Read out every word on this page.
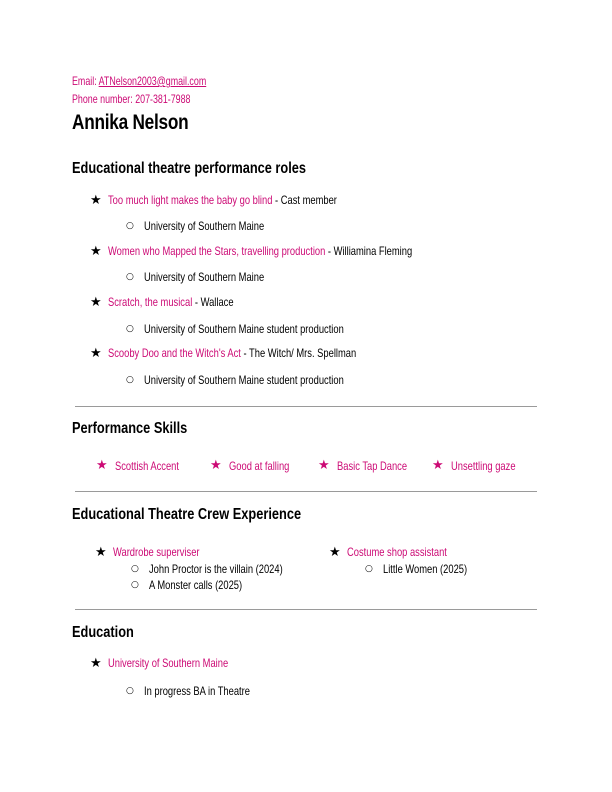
Email: ATNelson2003@gmail.com
Phone number: 207-381-7988
Annika Nelson
Educational theatre performance roles
★ Too much light makes the baby go blind - Cast member
○ University of Southern Maine
★ Women who Mapped the Stars, travelling production - Williamina Fleming
○ University of Southern Maine
★ Scratch, the musical - Wallace
○ University of Southern Maine student production
★ Scooby Doo and the Witch's Act - The Witch/ Mrs. Spellman
○ University of Southern Maine student production
Performance Skills
★ Scottish Accent	★ Good at falling	★ Basic Tap Dance	★ Unsettling gaze
Educational Theatre Crew Experience
★ Wardrobe superviser
○ John Proctor is the villain (2024)
○ A Monster calls (2025)
★ Costume shop assistant
○ Little Women (2025)
Education
★ University of Southern Maine
○ In progress BA in Theatre
